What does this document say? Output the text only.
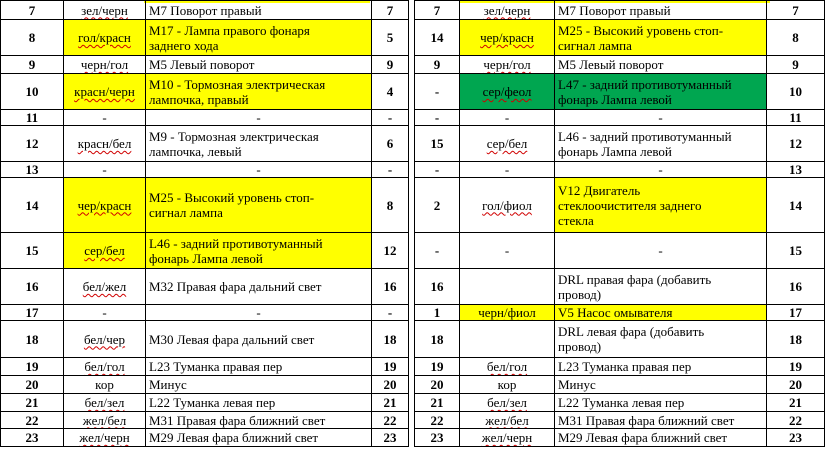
7	зел/черн	M7 Поворот правый	7
8	гол/красн	M17 - Лампа правого фонаря
заднего хода	5
9	черн/гол	M5 Левый поворот	9
10	красн/черн	M10 - Тормозная электрическая
лампочка, правый	4
11	-	-	-
12	красн/бел	M9 - Тормозная электрическая
лампочка, левый	6
13	-	-	-
14	чер/красн	M25 - Высокий уровень стоп-
сигнал лампа	8
15	сер/бел	L46 - задний противотуманный
фонарь Лампа левой	12
16	бел/жел	M32 Правая фара дальний свет	16
17	-	-	-
18	бел/чер	M30 Левая фара дальний свет	18
19	бел/гол	L23 Туманка правая пер	19
20	кор	Минус	20
21	бел/зел	L22 Туманка левая пер	21
22	жел/бел	M31 Правая фара ближний свет	22
23	жел/черн	M29 Левая фара ближний свет	23
7	зел/черн	M7 Поворот правый	7
14	чер/красн	M25 - Высокий уровень стоп-
сигнал лампа	8
9	черн/гол	M5 Левый поворот	9
-	сер/феол	L47 - задний противотуманный
фонарь Лампа левой	10
-	-	-	11
15	сер/бел	L46 - задний противотуманный
фонарь Лампа левой	12
-	-	-	13
2	гол/фиол	V12 Двигатель
стеклоочистителя заднего
стекла	14
-	-	-	15
16		DRL правая фара (добавить
провод)	16
1	черн/фиол	V5 Насос омывателя	17
18		DRL левая фара (добавить
провод)	18
19	бел/гол	L23 Туманка правая пер	19
20	кор	Минус	20
21	бел/зел	L22 Туманка левая пер	21
22	жел/бел	M31 Правая фара ближний свет	22
23	жел/черн	M29 Левая фара ближний свет	23
